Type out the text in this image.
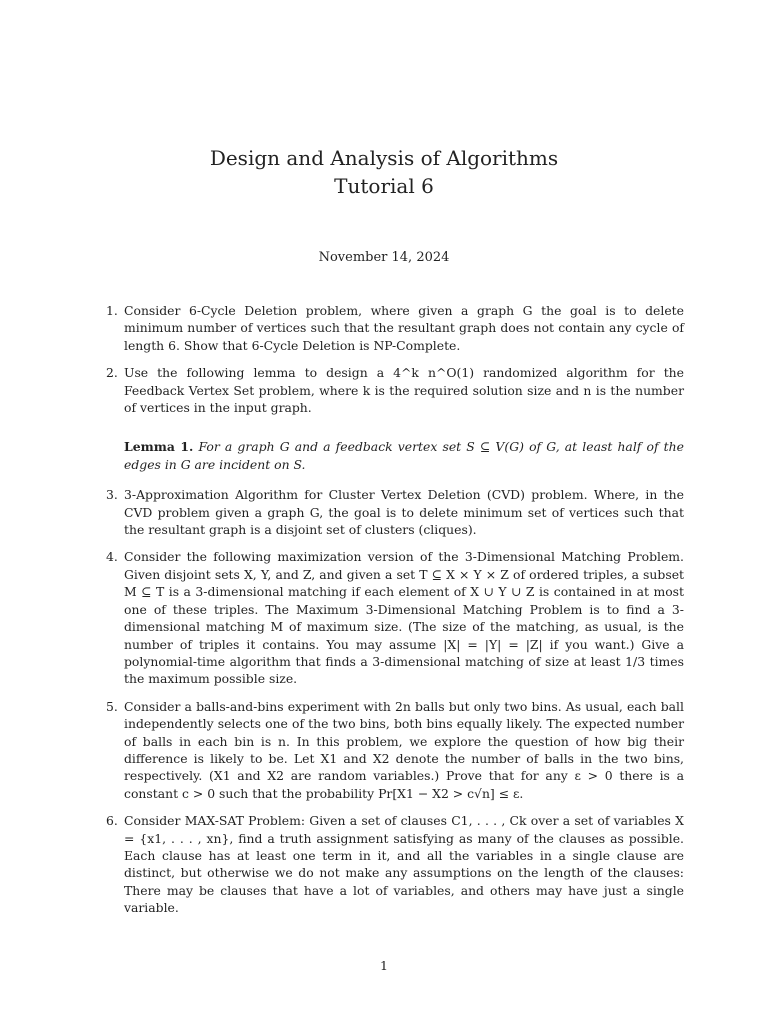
Design and Analysis of Algorithms
Tutorial 6
November 14, 2024
1. Consider 6-Cycle Deletion problem, where given a graph G the goal is to delete minimum number of vertices such that the resultant graph does not contain any cycle of length 6. Show that 6-Cycle Deletion is NP-Complete.
2. Use the following lemma to design a 4^k n^O(1) randomized algorithm for the Feedback Vertex Set problem, where k is the required solution size and n is the number of vertices in the input graph.
Lemma 1. For a graph G and a feedback vertex set S ⊆ V(G) of G, at least half of the edges in G are incident on S.
3. 3-Approximation Algorithm for Cluster Vertex Deletion (CVD) problem. Where, in the CVD problem given a graph G, the goal is to delete minimum set of vertices such that the resultant graph is a disjoint set of clusters (cliques).
4. Consider the following maximization version of the 3-Dimensional Matching Problem. Given disjoint sets X, Y, and Z, and given a set T ⊆ X × Y × Z of ordered triples, a subset M ⊆ T is a 3-dimensional matching if each element of X ∪ Y ∪ Z is contained in at most one of these triples. The Maximum 3-Dimensional Matching Problem is to find a 3-dimensional matching M of maximum size. (The size of the matching, as usual, is the number of triples it contains. You may assume |X| = |Y| = |Z| if you want.) Give a polynomial-time algorithm that finds a 3-dimensional matching of size at least 1/3 times the maximum possible size.
5. Consider a balls-and-bins experiment with 2n balls but only two bins. As usual, each ball independently selects one of the two bins, both bins equally likely. The expected number of balls in each bin is n. In this problem, we explore the question of how big their difference is likely to be. Let X1 and X2 denote the number of balls in the two bins, respectively. (X1 and X2 are random variables.) Prove that for any ε > 0 there is a constant c > 0 such that the probability Pr[X1 − X2 > c√n] ≤ ε.
6. Consider MAX-SAT Problem: Given a set of clauses C1, . . . , Ck over a set of variables X = {x1, . . . , xn}, find a truth assignment satisfying as many of the clauses as possible. Each clause has at least one term in it, and all the variables in a single clause are distinct, but otherwise we do not make any assumptions on the length of the clauses: There may be clauses that have a lot of variables, and others may have just a single variable.
1
